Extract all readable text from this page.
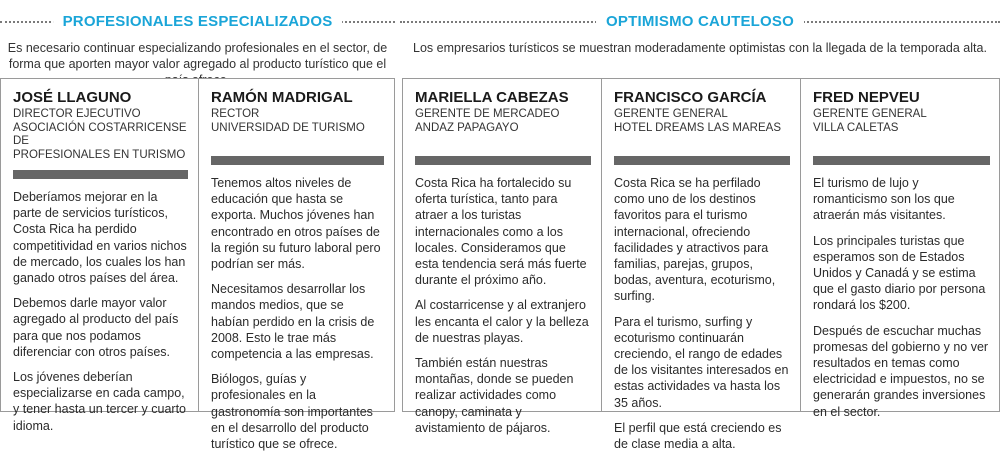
PROFESIONALES ESPECIALIZADOS
Es necesario continuar especializando profesionales en el sector, de forma que aporten mayor valor agregado al producto turístico que el
JOSÉ LLAGUNO
DIRECTOR EJECUTIVO
ASOCIACIÓN COSTARRICENSE DE
PROFESIONALES EN TURISMO

Deberíamos mejorar en la parte de servicios turísticos, Costa Rica ha perdido competitividad en varios nichos de mercado, los cuales los han ganado otros países del área.

Debemos darle mayor valor agregado al producto del país para que nos podamos diferenciar con otros países.

Los jóvenes deberían especializarse en cada campo, y tener hasta un tercer y cuarto idioma.

RAMÓN MADRIGAL
RECTOR
UNIVERSIDAD DE TURISMO

Tenemos altos niveles de educación que hasta se exporta. Muchos jóvenes han encontrado en otros países de la región su futuro laboral pero podrían ser más.

Necesitamos desarrollar los mandos medios, que se habían perdido en la crisis de 2008. Esto le trae más competencia a las empresas.

Biólogos, guías y profesionales en la gastronomía son importantes en el desarrollo del producto turístico que se ofrece.

OPTIMISMO CAUTELOSO
Los empresarios turísticos se muestran moderadamente optimistas con la llegada de la temporada alta.
MARIELLA CABEZAS
GERENTE DE MERCADEO
ANDAZ PAPAGAYO

Costa Rica ha fortalecido su oferta turística, tanto para atraer a los turistas internacionales como a los locales. Consideramos que esta tendencia será más fuerte durante el próximo año.

Al costarricense y al extranjero les encanta el calor y la belleza de nuestras playas.

También están nuestras montañas, donde se pueden realizar actividades como canopy, caminata y avistamiento de pájaros.

FRANCISCO GARCÍA
GERENTE GENERAL
HOTEL DREAMS LAS MAREAS

Costa Rica se ha perfilado como uno de los destinos favoritos para el turismo internacional, ofreciendo facilidades y atractivos para familias, parejas, grupos, bodas, aventura, ecoturismo, surfing.

Para el turismo, surfing y ecoturismo continuarán creciendo, el rango de edades de los visitantes interesados en estas actividades va hasta los 35 años.

El perfil que está creciendo es de clase media a alta.

FRED NEPVEU
GERENTE GENERAL
VILLA CALETAS

El turismo de lujo y romanticismo son los que atraerán más visitantes.

Los principales turistas que esperamos son de Estados Unidos y Canadá y se estima que el gasto diario por persona rondará los $200.

Después de escuchar muchas promesas del gobierno y no ver resultados en temas como electricidad e impuestos, no se generarán grandes inversiones en el sector.
